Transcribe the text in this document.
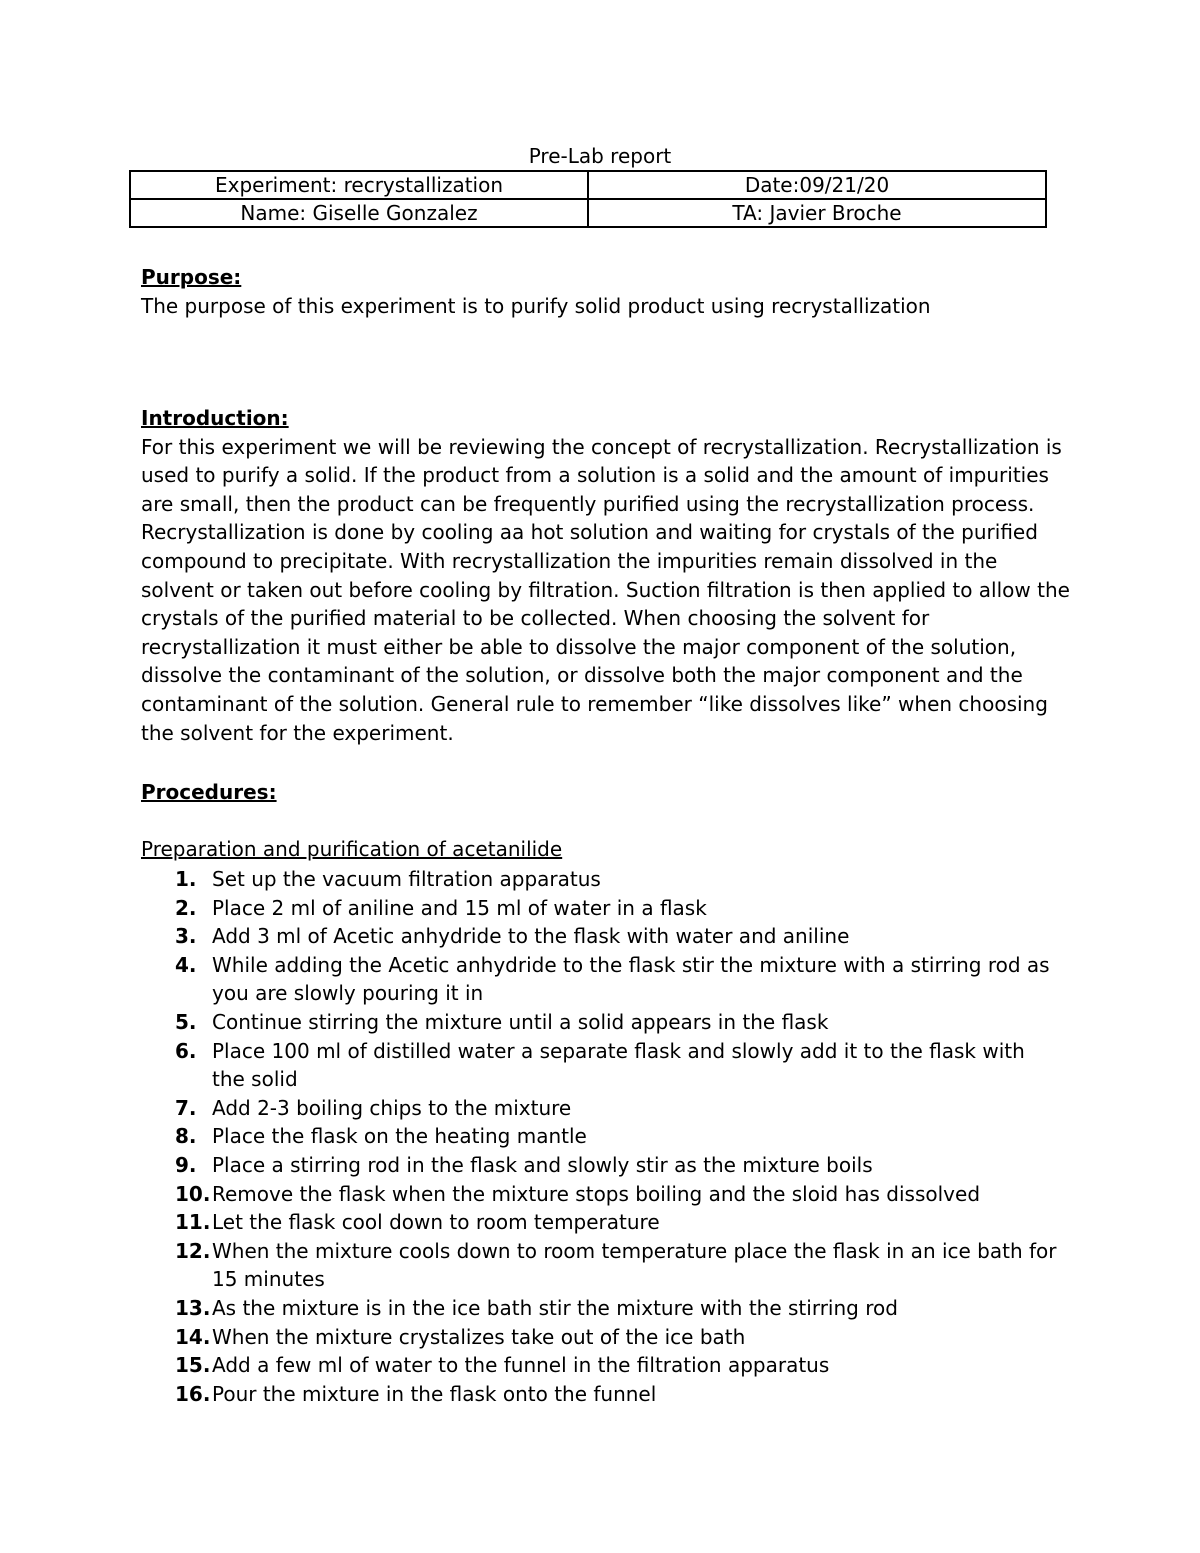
Pre-Lab report
Experiment: recrystallization	Date:09/21/20
Name: Giselle Gonzalez	TA: Javier Broche
Purpose:

The purpose of this experiment is to purify solid product using recrystallization

Introduction:

For this experiment we will be reviewing the concept of recrystallization. Recrystallization is used to purify a solid. If the product from a solution is a solid and the amount of impurities are small, then the product can be frequently purified using the recrystallization process. Recrystallization is done by cooling aa hot solution and waiting for crystals of the purified compound to precipitate. With recrystallization the impurities remain dissolved in the solvent or taken out before cooling by filtration. Suction filtration is then applied to allow the crystals of the purified material to be collected. When choosing the solvent for recrystallization it must either be able to dissolve the major component of the solution, dissolve the contaminant of the solution, or dissolve both the major component and the contaminant of the solution. General rule to remember “like dissolves like” when choosing the solvent for the experiment.

Procedures:
Preparation and purification of acetanilide
1. Set up the vacuum filtration apparatus
2. Place 2 ml of aniline and 15 ml of water in a flask
3. Add 3 ml of Acetic anhydride to the flask with water and aniline
4. While adding the Acetic anhydride to the flask stir the mixture with a stirring rod as you are slowly pouring it in
5. Continue stirring the mixture until a solid appears in the flask
6. Place 100 ml of distilled water a separate flask and slowly add it to the flask with the solid
7. Add 2-3 boiling chips to the mixture
8. Place the flask on the heating mantle
9. Place a stirring rod in the flask and slowly stir as the mixture boils
10. Remove the flask when the mixture stops boiling and the sloid has dissolved
11. Let the flask cool down to room temperature
12. When the mixture cools down to room temperature place the flask in an ice bath for 15 minutes
13. As the mixture is in the ice bath stir the mixture with the stirring rod
14. When the mixture crystalizes take out of the ice bath
15. Add a few ml of water to the funnel in the filtration apparatus
16. Pour the mixture in the flask onto the funnel
